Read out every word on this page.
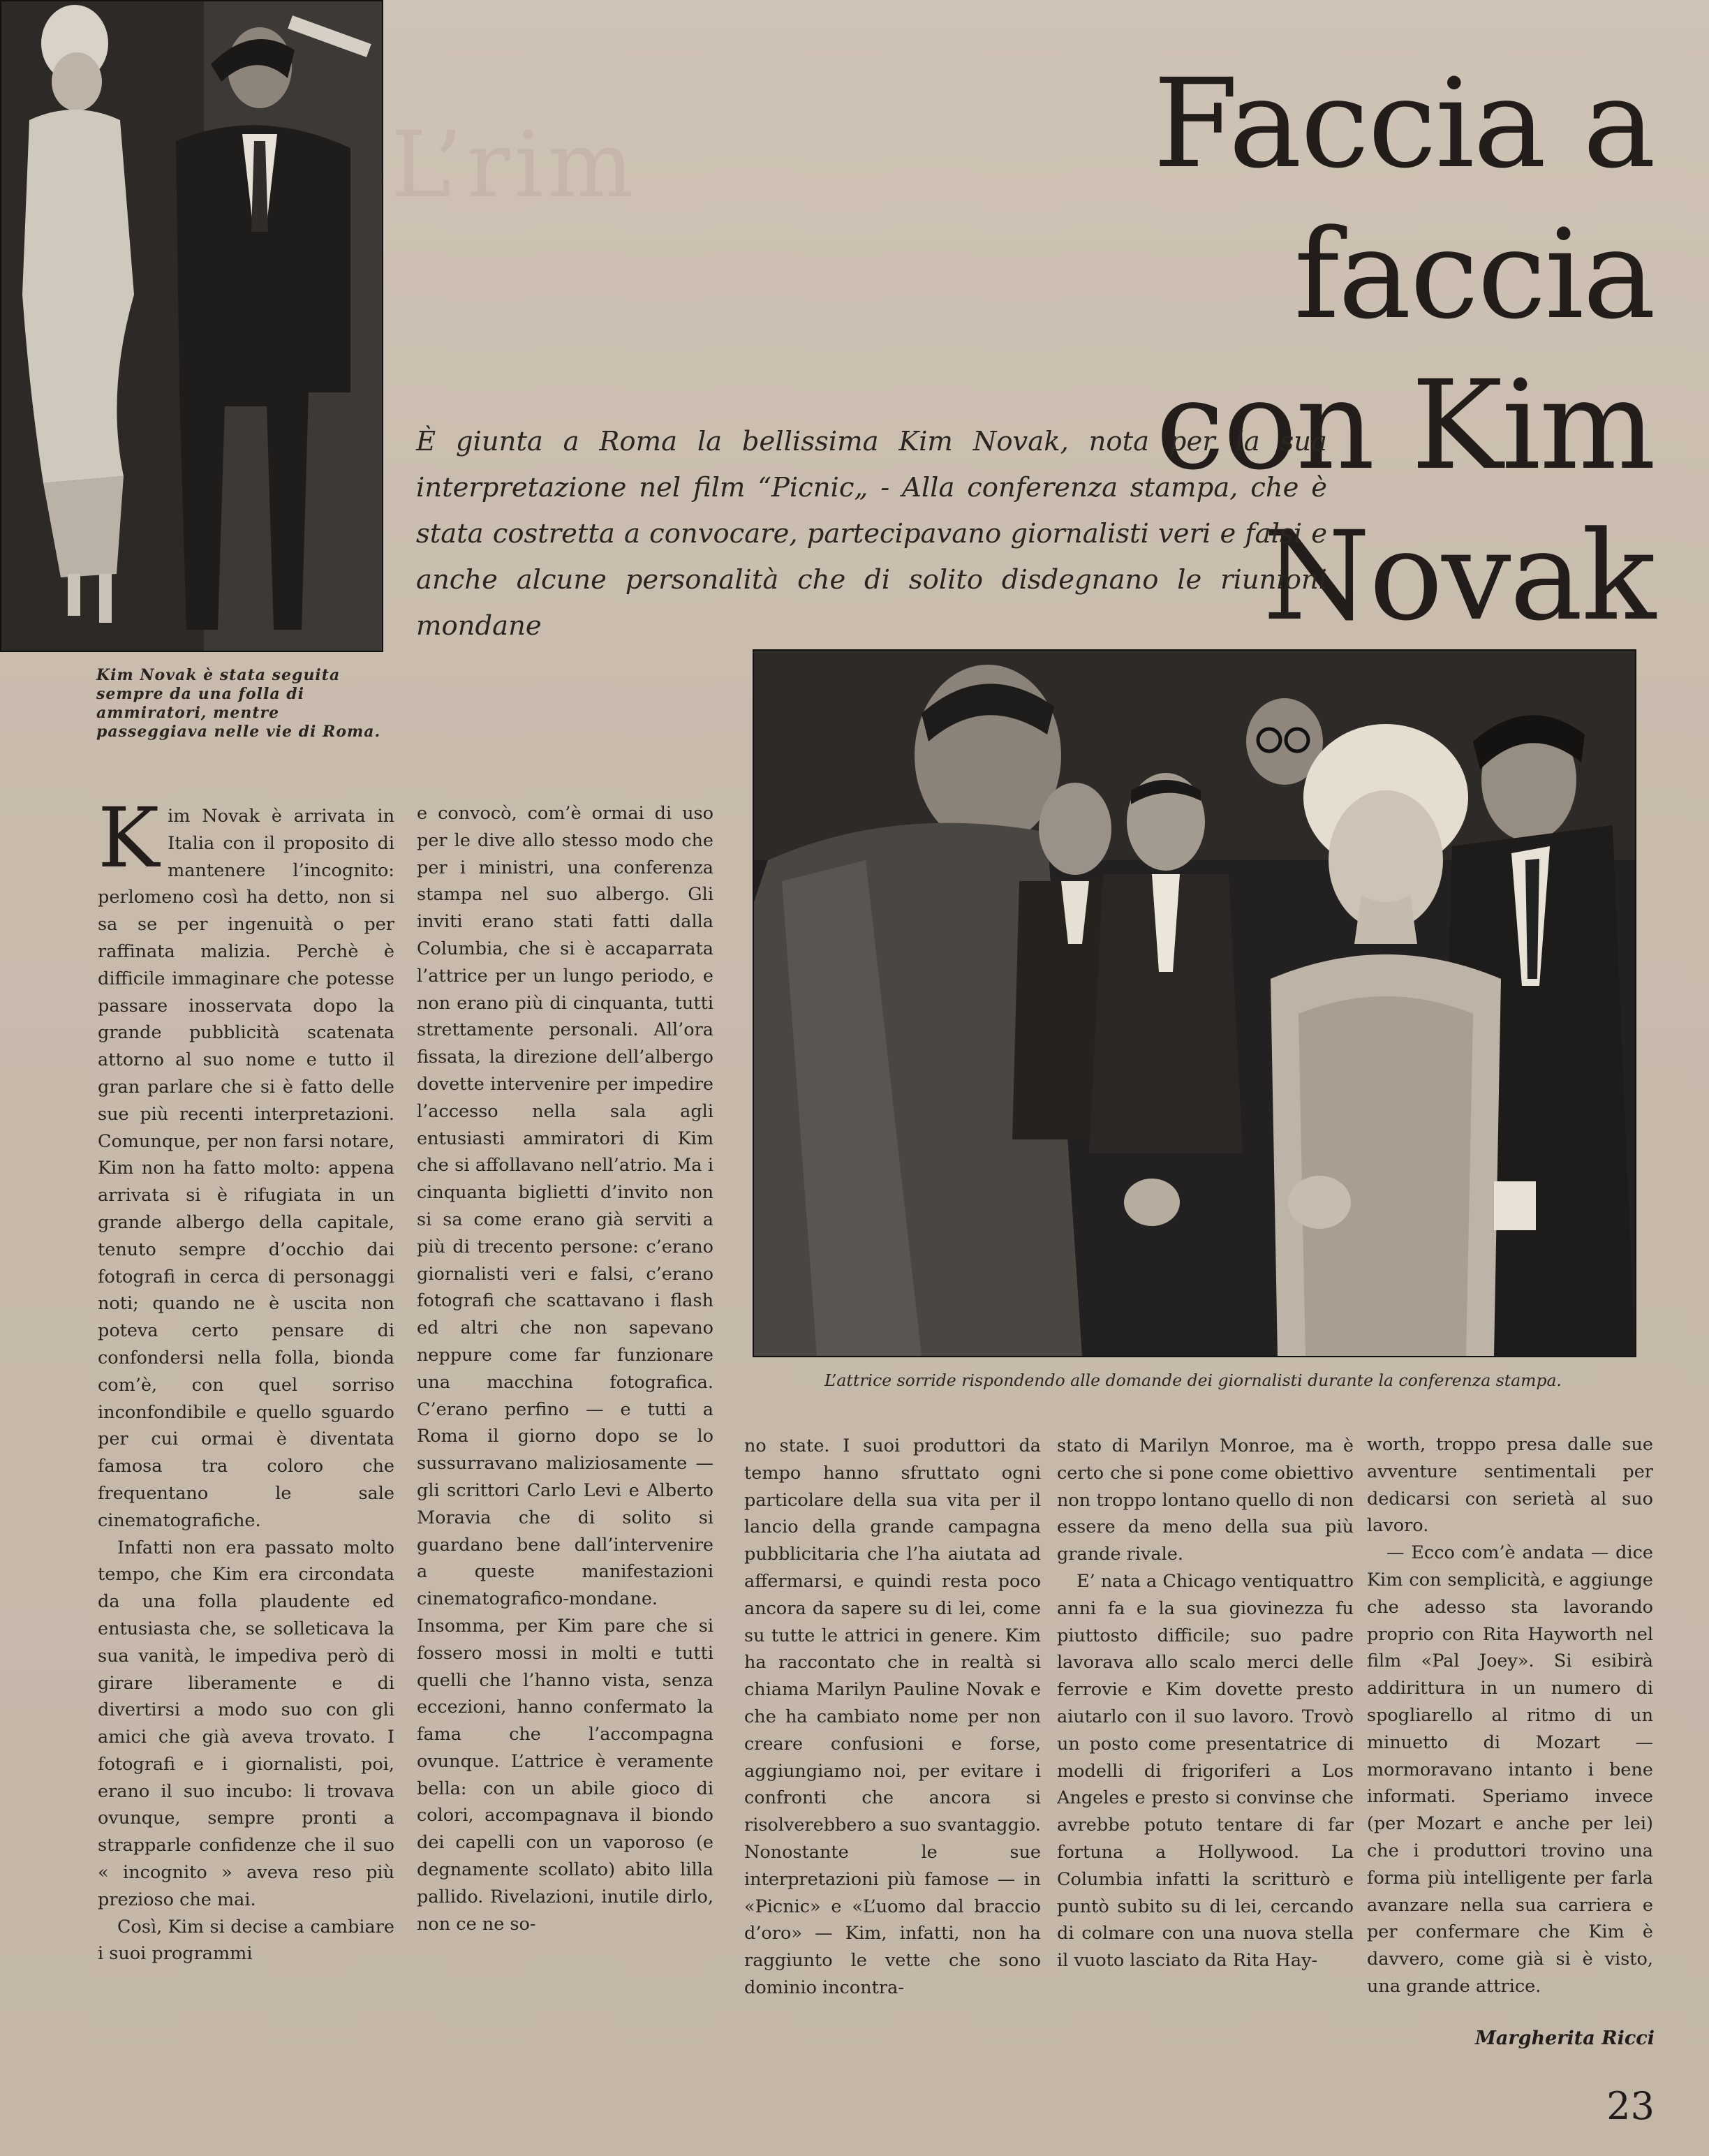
Kim Novak è stata seguita sempre da una folla di ammiratori, mentre passeggiava nelle vie di Roma.
L’rim	Faccia a faccia
con Kim Novak
È giunta a Roma la bellissima Kim Novak, nota per la sua interpretazione nel film “Picnic„ - Alla conferenza stampa, che è stata costretta a convocare, partecipavano giornalisti veri e falsi e anche alcune personalità che di solito disdegnano le riunioni mondane
L’attrice sorride rispondendo alle domande dei giornalisti durante la conferenza stampa.

Kim Novak è arrivata in Italia con il proposito di mantenere l’incognito: perlomeno così ha detto, non si sa se per ingenuità o per raffinata malizia. Perchè è difficile immaginare che potesse passare inosservata dopo la grande pubblicità scatenata attorno al suo nome e tutto il gran parlare che si è fatto delle sue più recenti interpretazioni. Comunque, per non farsi notare, Kim non ha fatto molto: appena arrivata si è rifugiata in un grande albergo della capitale, tenuto sempre d’occhio dai fotografi in cerca di personaggi noti; quando ne è uscita non poteva certo pensare di confondersi nella folla, bionda com’è, con quel sorriso inconfondibile e quello sguardo per cui ormai è diventata famosa tra coloro che frequentano le sale cinematografiche.

Infatti non era passato molto tempo, che Kim era circondata da una folla plaudente ed entusiasta che, se solleticava la sua vanità, le impediva però di girare liberamente e di divertirsi a modo suo con gli amici che già aveva trovato. I fotografi e i giornalisti, poi, erano il suo incubo: li trovava ovunque, sempre pronti a strapparle confidenze che il suo « incognito » aveva reso più prezioso che mai.

Così, Kim si decise a cambiare i suoi programmi

e convocò, com’è ormai di uso per le dive allo stesso modo che per i ministri, una conferenza stampa nel suo albergo. Gli inviti erano stati fatti dalla Columbia, che si è accaparrata l’attrice per un lungo periodo, e non erano più di cinquanta, tutti strettamente personali. All’ora fissata, la direzione dell’albergo dovette intervenire per impedire l’accesso nella sala agli entusiasti ammiratori di Kim che si affollavano nell’atrio. Ma i cinquanta biglietti d’invito non si sa come erano già serviti a più di trecento persone: c’erano giornalisti veri e falsi, c’erano fotografi che scattavano i flash ed altri che non sapevano neppure come far funzionare una macchina fotografica. C’erano perfino — e tutti a Roma il giorno dopo se lo sussurravano maliziosamente — gli scrittori Carlo Levi e Alberto Moravia che di solito si guardano bene dall’intervenire a queste manifestazioni cinematografico-mondane. Insomma, per Kim pare che si fossero mossi in molti e tutti quelli che l’hanno vista, senza eccezioni, hanno confermato la fama che l’accompagna ovunque. L’attrice è veramente bella: con un abile gioco di colori, accompagnava il biondo dei capelli con un vaporoso (e degnamente scollato) abito lilla pallido. Rivelazioni, inutile dirlo, non ce ne so-

no state. I suoi produttori da tempo hanno sfruttato ogni particolare della sua vita per il lancio della grande campagna pubblicitaria che l’ha aiutata ad affermarsi, e quindi resta poco ancora da sapere su di lei, come su tutte le attrici in genere. Kim ha raccontato che in realtà si chiama Marilyn Pauline Novak e che ha cambiato nome per non creare confusioni e forse, aggiungiamo noi, per evitare i confronti che ancora si risolverebbero a suo svantaggio. Nonostante le sue interpretazioni più famose — in «Picnic» e «L’uomo dal braccio d’oro» — Kim, infatti, non ha raggiunto le vette che sono dominio incontra-

stato di Marilyn Monroe, ma è certo che si pone come obiettivo non troppo lontano quello di non essere da meno della sua più grande rivale.

E’ nata a Chicago ventiquattro anni fa e la sua giovinezza fu piuttosto difficile; suo padre lavorava allo scalo merci delle ferrovie e Kim dovette presto aiutarlo con il suo lavoro. Trovò un posto come presentatrice di modelli di frigoriferi a Los Angeles e presto si convinse che avrebbe potuto tentare di far fortuna a Hollywood. La Columbia infatti la scritturò e puntò subito su di lei, cercando di colmare con una nuova stella il vuoto lasciato da Rita Hay-

worth, troppo presa dalle sue avventure sentimentali per dedicarsi con serietà al suo lavoro.

— Ecco com’è andata — dice Kim con semplicità, e aggiunge che adesso sta lavorando proprio con Rita Hayworth nel film «Pal Joey». Si esibirà addirittura in un numero di spogliarello al ritmo di un minuetto di Mozart — mormoravano intanto i bene informati. Speriamo invece (per Mozart e anche per lei) che i produttori trovino una forma più intelligente per farla avanzare nella sua carriera e per confermare che Kim è davvero, come già si è visto, una grande attrice.

Margherita Ricci
23
